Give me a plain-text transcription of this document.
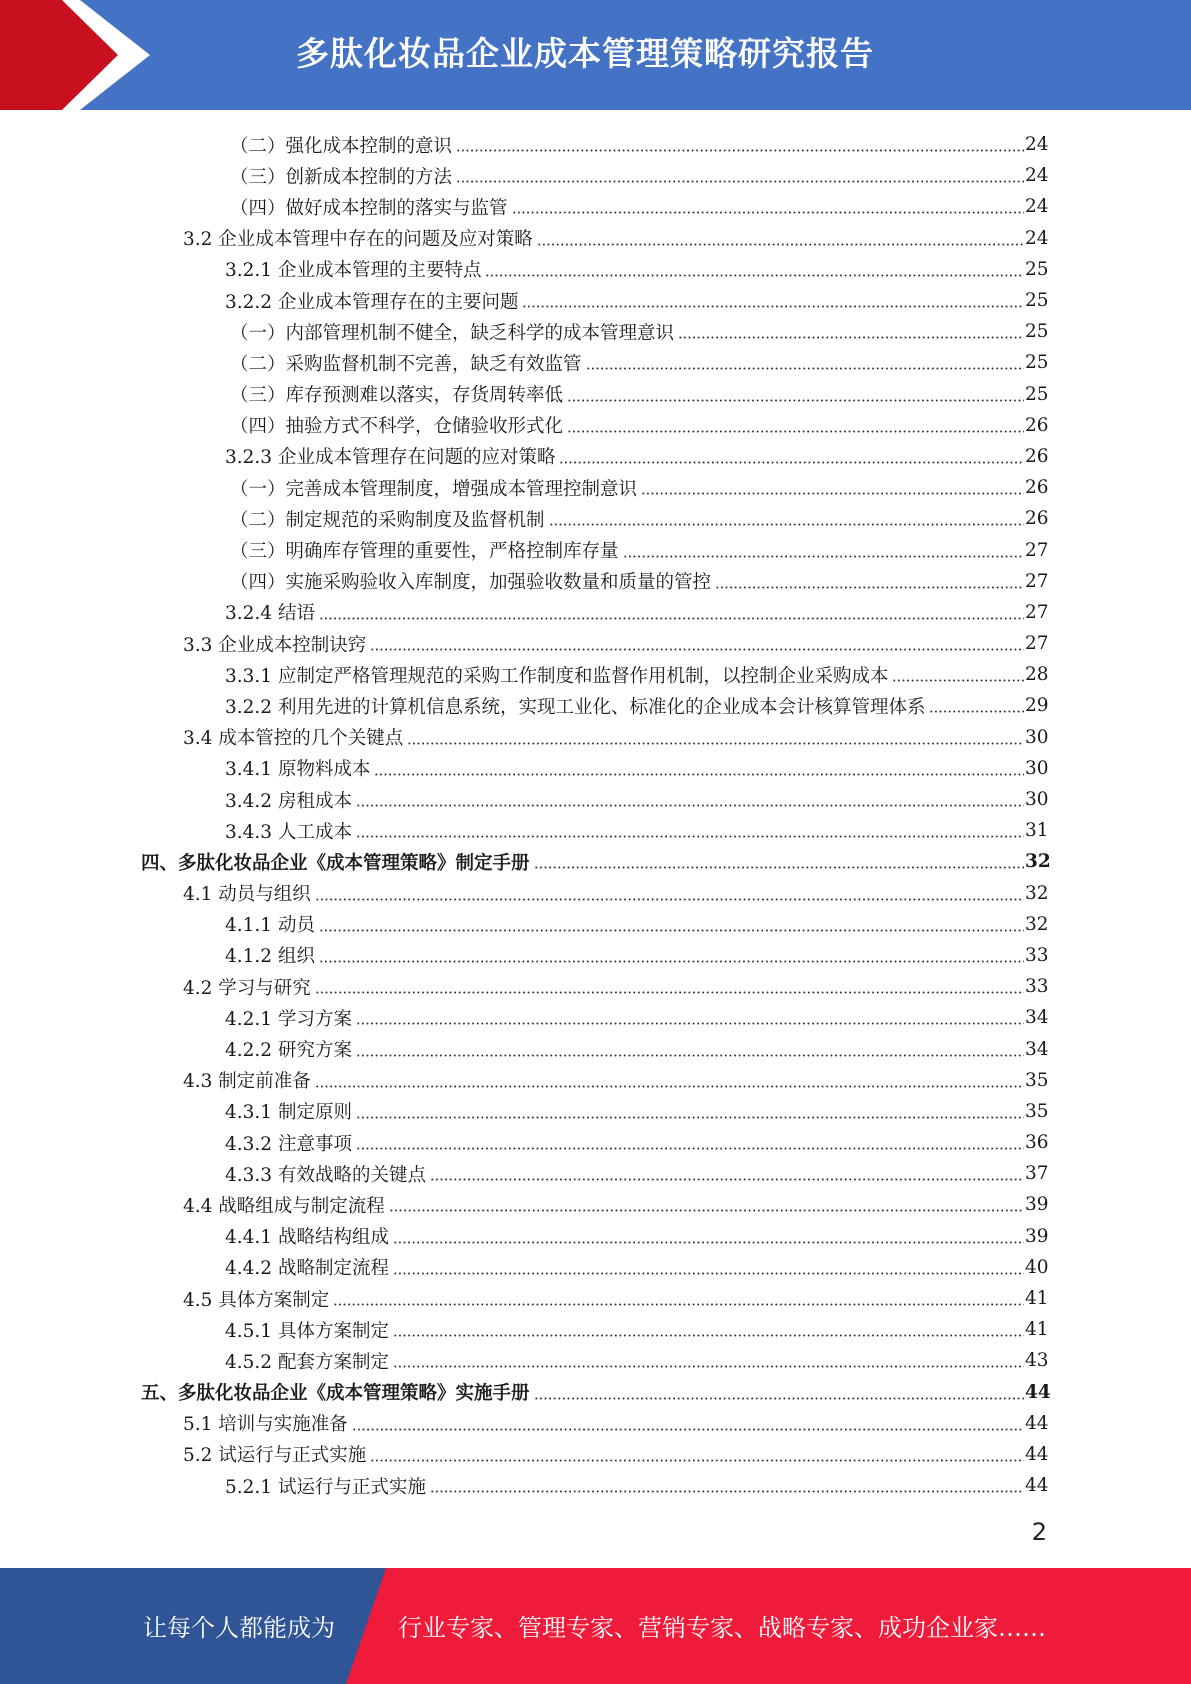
多肽化妆品企业成本管理策略研究报告
（二）强化成本控制的意识	24
（三）创新成本控制的方法	24
（四）做好成本控制的落实与监管	24
3.2 企业成本管理中存在的问题及应对策略	24
3.2.1 企业成本管理的主要特点	25
3.2.2 企业成本管理存在的主要问题	25
（一）内部管理机制不健全，缺乏科学的成本管理意识	25
（二）采购监督机制不完善，缺乏有效监管	25
（三）库存预测难以落实，存货周转率低	25
（四）抽验方式不科学，仓储验收形式化	26
3.2.3 企业成本管理存在问题的应对策略	26
（一）完善成本管理制度，增强成本管理控制意识	26
（二）制定规范的采购制度及监督机制	26
（三）明确库存管理的重要性，严格控制库存量	27
（四）实施采购验收入库制度，加强验收数量和质量的管控	27
3.2.4 结语	27
3.3 企业成本控制诀窍	27
3.3.1 应制定严格管理规范的采购工作制度和监督作用机制，以控制企业采购成本	28
3.2.2 利用先进的计算机信息系统，实现工业化、标准化的企业成本会计核算管理体系	29
3.4 成本管控的几个关键点	30
3.4.1 原物料成本	30
3.4.2 房租成本	30
3.4.3 人工成本	31
四、多肽化妆品企业《成本管理策略》制定手册	32
4.1 动员与组织	32
4.1.1 动员	32
4.1.2 组织	33
4.2 学习与研究	33
4.2.1 学习方案	34
4.2.2 研究方案	34
4.3 制定前准备	35
4.3.1 制定原则	35
4.3.2 注意事项	36
4.3.3 有效战略的关键点	37
4.4 战略组成与制定流程	39
4.4.1 战略结构组成	39
4.4.2 战略制定流程	40
4.5 具体方案制定	41
4.5.1 具体方案制定	41
4.5.2 配套方案制定	43
五、多肽化妆品企业《成本管理策略》实施手册	44
5.1 培训与实施准备	44
5.2 试运行与正式实施	44
5.2.1 试运行与正式实施	44
2
让每个人都能成为	行业专家、管理专家、营销专家、战略专家、成功企业家……
